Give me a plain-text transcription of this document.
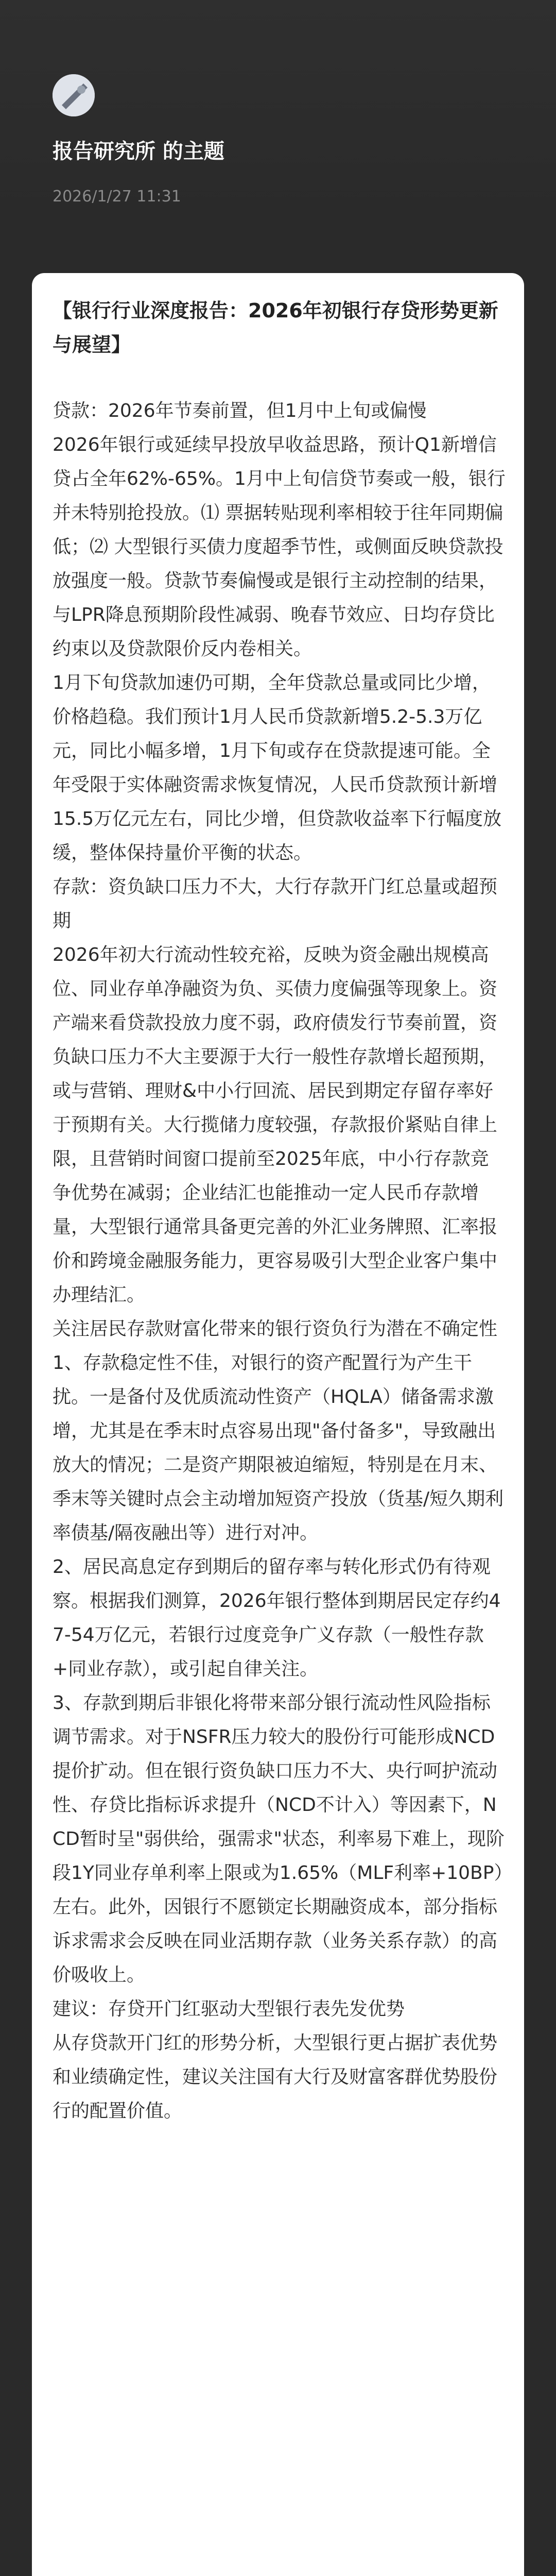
报告研究所 的主题
2026/1/27 11:31
【银行行业深度报告：2026年初银行存贷形势更新与展望】
贷款：2026年节奏前置，但1月中上旬或偏慢
2026年银行或延续早投放早收益思路，预计Q1新增信贷占全年62%-65%。1月中上旬信贷节奏或一般，银行并未特别抢投放。⑴ 票据转贴现利率相较于往年同期偏低；⑵ 大型银行买债力度超季节性，或侧面反映贷款投放强度一般。贷款节奏偏慢或是银行主动控制的结果，与LPR降息预期阶段性减弱、晚春节效应、日均存贷比约束以及贷款限价反内卷相关。
1月下旬贷款加速仍可期，全年贷款总量或同比少增，价格趋稳。我们预计1月人民币贷款新增5.2-5.3万亿元，同比小幅多增，1月下旬或存在贷款提速可能。全年受限于实体融资需求恢复情况，人民币贷款预计新增15.5万亿元左右，同比少增，但贷款收益率下行幅度放缓，整体保持量价平衡的状态。
存款：资负缺口压力不大，大行存款开门红总量或超预期
2026年初大行流动性较充裕，反映为资金融出规模高位、同业存单净融资为负、买债力度偏强等现象上。资产端来看贷款投放力度不弱，政府债发行节奏前置，资负缺口压力不大主要源于大行一般性存款增长超预期，或与营销、理财&中小行回流、居民到期定存留存率好于预期有关。大行揽储力度较强，存款报价紧贴自律上限，且营销时间窗口提前至2025年底，中小行存款竞争优势在减弱；企业结汇也能推动一定人民币存款增量，大型银行通常具备更完善的外汇业务牌照、汇率报价和跨境金融服务能力，更容易吸引大型企业客户集中办理结汇。
关注居民存款财富化带来的银行资负行为潜在不确定性
1、存款稳定性不佳，对银行的资产配置行为产生干扰。一是备付及优质流动性资产（HQLA）储备需求激增，尤其是在季末时点容易出现"备付备多"，导致融出放大的情况；二是资产期限被迫缩短，特别是在月末、季末等关键时点会主动增加短资产投放（货基/短久期利率债基/隔夜融出等）进行对冲。
2、居民高息定存到期后的留存率与转化形式仍有待观察。根据我们测算，2026年银行整体到期居民定存约47-54万亿元，若银行过度竞争广义存款（一般性存款+同业存款），或引起自律关注。
3、存款到期后非银化将带来部分银行流动性风险指标调节需求。对于NSFR压力较大的股份行可能形成NCD提价扩动。但在银行资负缺口压力不大、央行呵护流动性、存贷比指标诉求提升（NCD不计入）等因素下，NCD暂时呈"弱供给，强需求"状态，利率易下难上，现阶段1Y同业存单利率上限或为1.65%（MLF利率+10BP）左右。此外，因银行不愿锁定长期融资成本，部分指标诉求需求会反映在同业活期存款（业务关系存款）的高价吸收上。
建议：存贷开门红驱动大型银行表先发优势
从存贷款开门红的形势分析，大型银行更占据扩表优势和业绩确定性，建议关注国有大行及财富客群优势股份行的配置价值。
